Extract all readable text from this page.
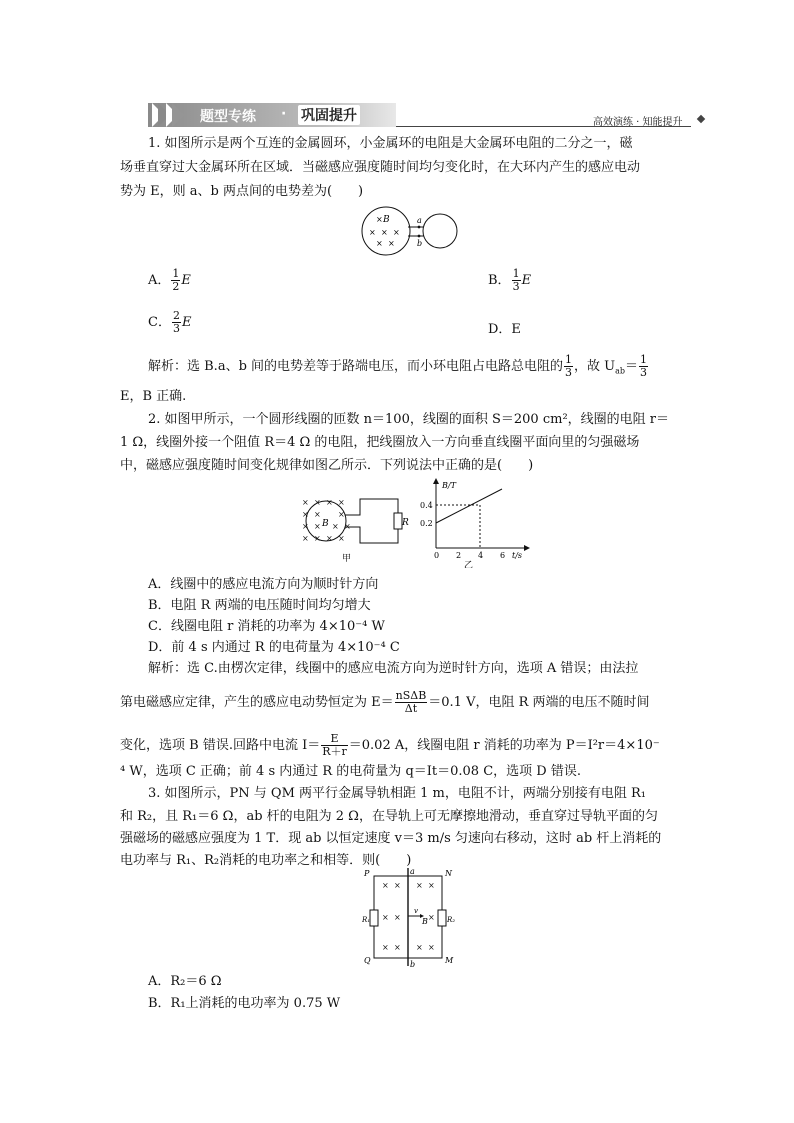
题型专练 · 巩固提升	高效演练 · 知能提升
1. 如图所示是两个互连的金属圆环，小金属环的电阻是大金属环电阻的二分之一，磁
场垂直穿过大金属环所在区域．当磁感应强度随时间均匀变化时，在大环内产生的感应电动
势为 E，则 a、b 两点间的电势差为(　　)
× B
× × ×
× ×
a
b
A． $\frac{1}{2}$ E	B． $\frac{1}{3}$ E
C． $\frac{2}{3}$ E	D．E
解析：选 B.a、b 间的电势差等于路端电压，而小环电阻占电路总电阻的 $\frac{1}{3}$ ，故 $U_{ab}= \frac{1}{3}$
E，B 正确.
2. 如图甲所示，一个圆形线圈的匝数 n＝100，线圈的面积 S＝200 cm²，线圈的电阻 r＝
1 Ω，线圈外接一个阻值 R＝4 Ω 的电阻，把线圈放入一方向垂直线圈平面向里的匀强磁场
中，磁感应强度随时间变化规律如图乙所示．下列说法中正确的是(　　)
× × × ×
× × ×
× × × ×
× × × ×
B	R
甲
B/T
0.4
0.2
0 2 4 6 t/s
乙
A．线圈中的感应电流方向为顺时针方向
B．电阻 R 两端的电压随时间均匀增大
C．线圈电阻 r 消耗的功率为 4×10⁻⁴ W
D．前 4 s 内通过 R 的电荷量为 4×10⁻⁴ C
解析：选 C.由楞次定律，线圈中的感应电流方向为逆时针方向，选项 A 错误；由法拉
第电磁感应定律，产生的感应电动势恒定为 $E= \frac{\text{nSΔB}}{\Delta t} =0.1$ V，电阻 R 两端的电压不随时间
变化，选项 B 错误.回路中电流 $I= \frac{E}{R+r} =0.02$ A，线圈电阻 r 消耗的功率为 P＝I²r＝4×10⁻
⁴ W，选项 C 正确；前 4 s 内通过 R 的电荷量为 q＝It＝0.08 C，选项 D 错误.
3. 如图所示，PN 与 QM 两平行金属导轨相距 1 m，电阻不计，两端分别接有电阻 R₁
和 R₂，且 R₁＝6 Ω，ab 杆的电阻为 2 Ω，在导轨上可无摩擦地滑动，垂直穿过导轨平面的匀
强磁场的磁感应强度为 1 T．现 ab 以恒定速度 v＝3 m/s 匀速向右移动，这时 ab 杆上消耗的
电功率与 R₁、R₂消耗的电功率之和相等．则(　　)
× × × ×
× ×	×
× × × ×
P	N
Q	M
a
b
R₁	R₂
v
B
A．R₂＝6 Ω
B．R₁上消耗的电功率为 0.75 W
